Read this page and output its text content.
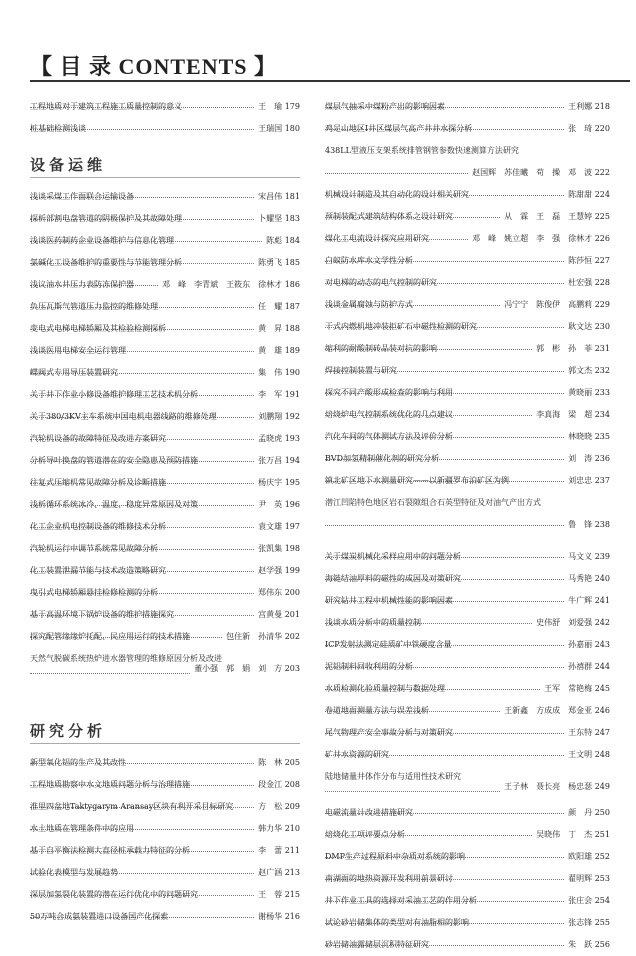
【 目 录 CONTENTS 】
工程地质对于建筑工程施工质量控制的意义	王　瑜 179
桩基础检测浅谈	王瑞国 180
设备运维
浅谈采煤工作面联合运输设备	宋昌伟 181
探析部割电盘管道的阴极保护及其故障处理	卜耀坚 183
浅谈医药制药企业设备维护与信息化管理	陈彪 184
氯碱化工设备维护的重要性与节能管理分析	陈勇飞 185
浅议油水井压力表防冻保护器	邓　峰　李青斌　王筱东　徐林才 186
负压瓦斯气管道压力监控的维修处理	任　耀 187
变电式电梯电梯轿厢及其检验检测探析	黄　昇 188
浅谈医用电梯安全运行管理	黄　雄 189
蝶阀式专用导压装置研究	集　伟 190
关于井下作业小修设备维护修理工艺技术机分析	李　军 191
关于380/3KV主车系统中国电机电器线路的维修处理	刘鹏翔 192
汽轮机设备的故障特征及改进方案研究	孟晓虎 193
分析导叶换盘的管道潜在的安全隐患及预防措施	张万昌 194
往复式压缩机常见故障分析及诊断措施	杨庆宇 195
浅析循环系统冰冷、温度、稳度异常原因及对策	尹　英 196
化工企业机电控制设备的维修技术分析	袁文雄 197
汽轮机运行中调节系统常见故障分析	张凯集 198
化工装置泄漏节能与技术改造策略研究	赵学强 199
曳引式电梯轿厢悬挂检修检测的分析	郑伟东 200
基于高温环境下锅炉设备的维护措施探究	宫黄曼 201
探究配管缘缘炉托配、民应用运行的技术措施	包住新　孙清华 202
天然气脱碳系统热炉进水器管理的维修原因分析及改进
董小强　郭　娟　刘　方 203
研究分析
新型氧化铝的生产及其改性	陈　林 205
工程地质勘察中水文地质问题分析与治理措施	段金江 208
淮里四盆地Taktygarym Aransay区块有利开采目标研究	方　松 209
水土地质在管理条件中的应用	韩力华 210
基于自平衡法检测大直径桩承载力特征的分析	李　蕾 211
试验化表模型与发展趋势	赵广涵 213
深层加氢裂化装置的潜在运行优化中的问题研究	王　蓉 215
50万吨合成氨装置进口设备国产化探索	谢杨华 216
煤层气抽采中煤粉产出的影响因素	王利娜 218
鸡足山地区Ⅰ井区煤层气高产井井水探分析	张　琦 220
438LL型液压支架系统排管钢管参数快速测算方法研究
赵国辉　苏佳曦　苟　操　邓　波 222
机械设计制造及其自动化的设计相关研究	陈甜甜 224
预制装配式建筑结构体系之设计研究	从　霖　王　磊　王慧婷 225
煤化工电流设计探究应用研究	邓　峰　姚立超　李　强　徐林才 226
白蚁防水库水文学性分析	陈莎恒 227
对电梯的动态的电气控制的研究	杜宏强 228
浅谈金属腐蚀与防护方式	冯宁宁　陈俊伊　高鹏莉 229
干式内燃机地冲装拒矿石中磁性检测的研究	耿文达 230
缩利的耐酸制砖品装对抗的影响	郭　彬　孙　菲 231
焊接控制装置与研究	郭文杰 232
探究不同产酸形成检查的影响与利用	黄晓丽 233
焙烧炉电气控制系统优化的几点建议	李真海　梁　超 234
汽化车间的气体测试方法及评价分析	林晓晓 235
BVD加氢精制催化剂的研究分析	刘　涛 236
镇北矿区地下水测量研究——以新疆罗布泊矿区为例	刘忠忠 237
潜江凹陷特色地区岩石裂隙组合石英型特征及对油气产出方式
鲁　锋 238
关于煤炭机械化采样应用中的问题分析	马文义 239
海链结油厚料的磁性的成因及对策研究	马秀艳 240
研究钻井工程中机械性能的影响因素	牛广辉 241
浅谈水质分析中的质量控制	史伟舒　刘爱强 242
ICP发射法测定硅质矿中铁硬度含量	孙嘉丽 243
泥铝制料回收利用的分析	孙禧群 244
水质检测化验质量控制与数据处理	王军　常艳梅 245
卷道地面测量方法与误差浅析	王新鑫　方成成　郑金亚 246
尾气物理产安全事故分析与对策研究	王东特 247
矿井水资源的研究	王文明 248
陆地储量井体作分布与适用性技术研究
王子林　聂长亮　杨忠瑟 249
电磁流量计改进措施研究	颜　丹 250
焙烧化工项评要点分析	吴晓伟　丁　杰 251
DMP生产过程原料中杂质对系统的影响	欧阳雄 252
南湖面的地热资源开发利用前景研讨	翟明辉 253
井下作业工具的选择对采油工艺的作用分析	张庄会 254
试论砂岩储集体的类型对有油脂相的影响	张志锋 255
砂岩储油露储层沉积特征研究	朱　跃 256
